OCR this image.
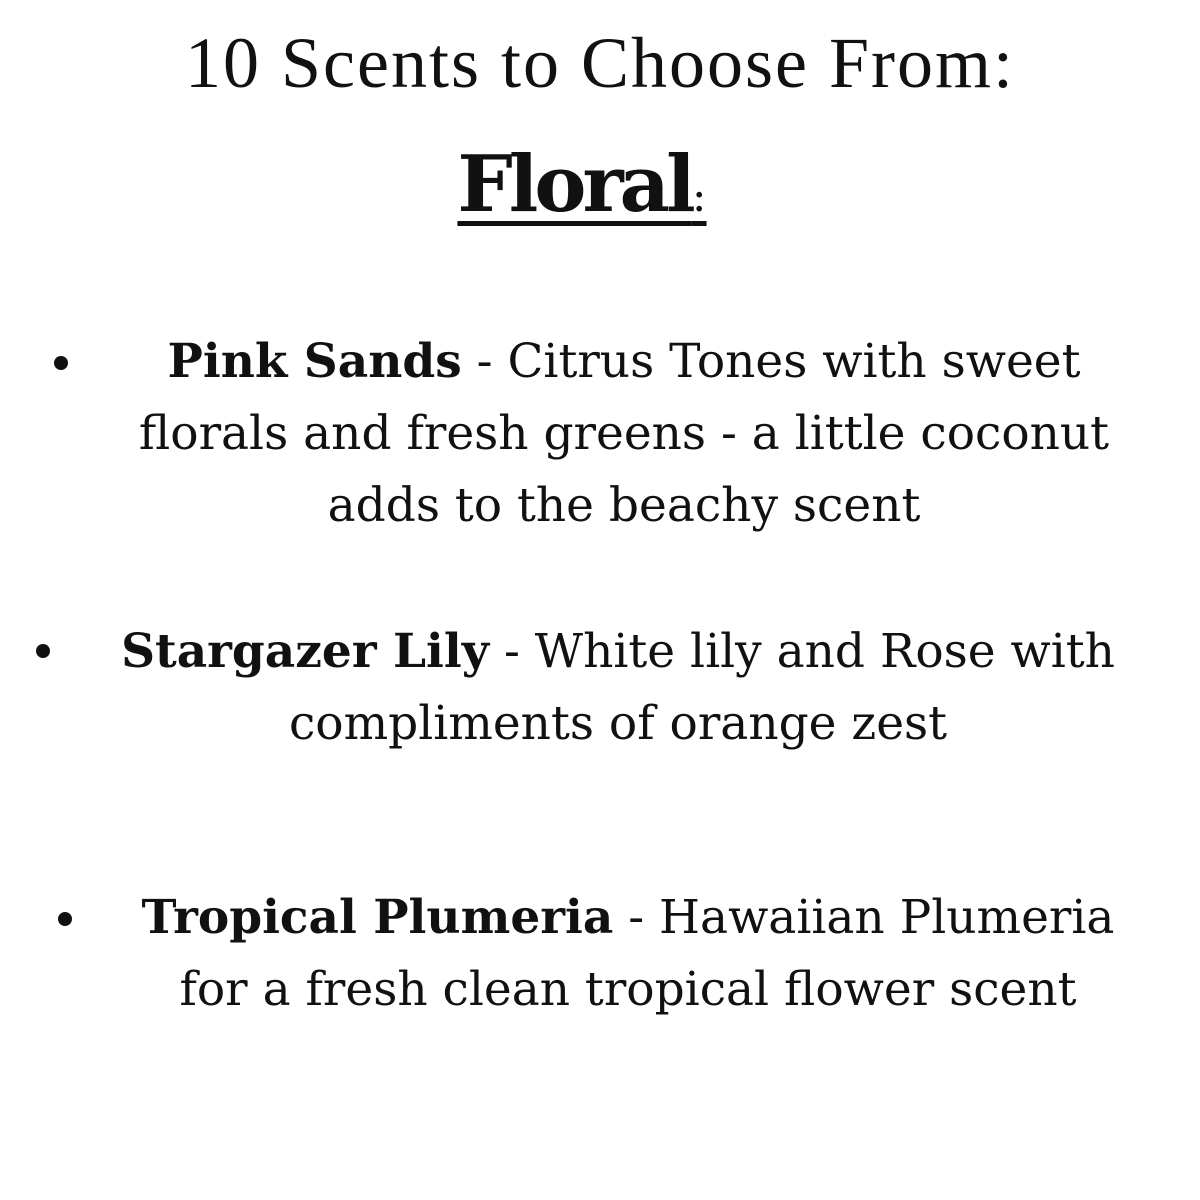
10 Scents to Choose From:
Floral:

Pink Sands - Citrus Tones with sweet florals and fresh greens - a little coconut adds to the beachy scent

Stargazer Lily - White lily and Rose with compliments of orange zest

Tropical Plumeria - Hawaiian Plumeria for a fresh clean tropical flower scent
